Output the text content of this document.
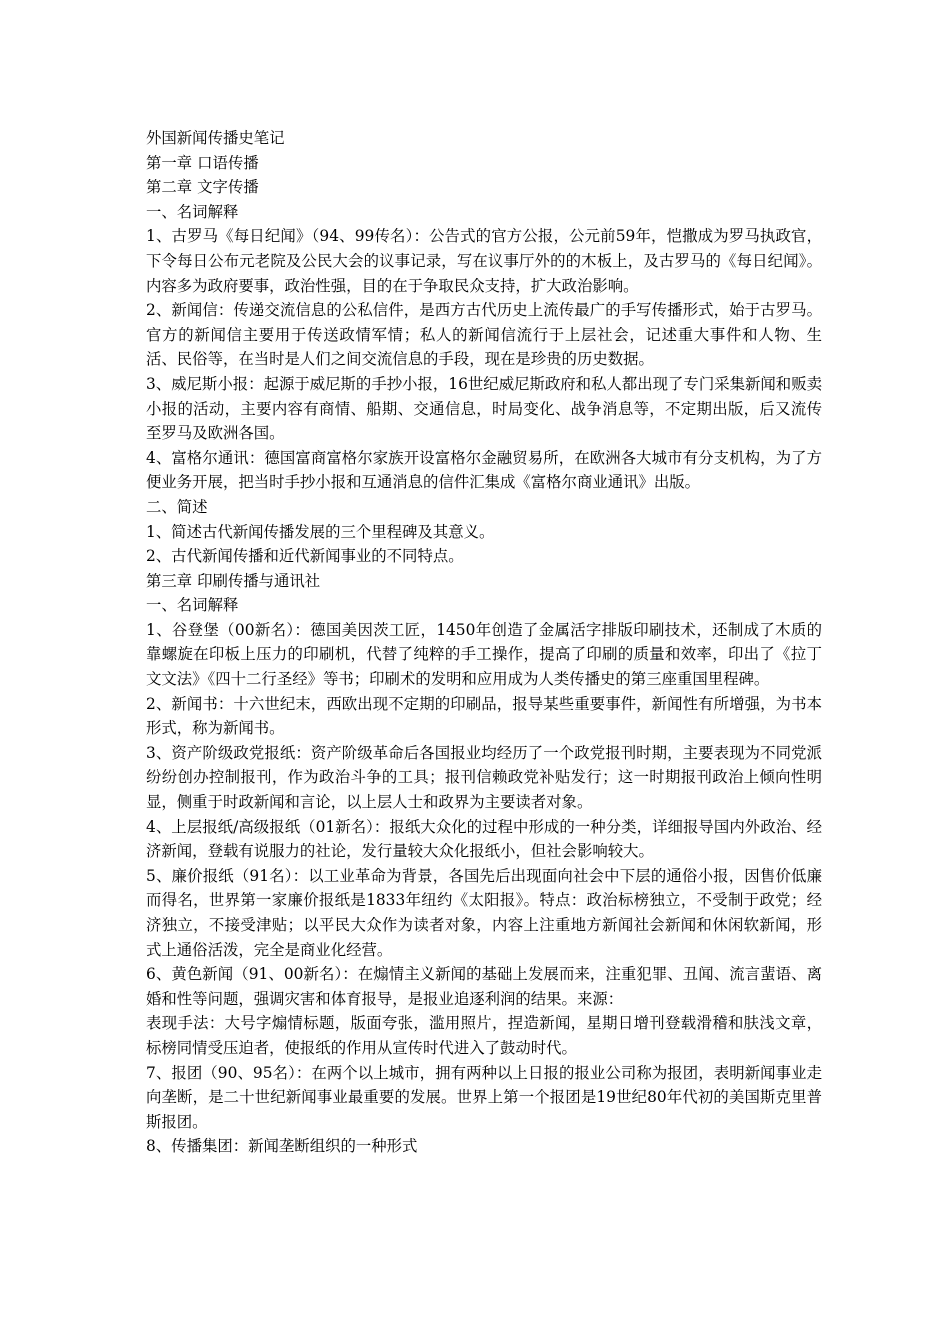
外国新闻传播史笔记

第一章 口语传播

第二章 文字传播

一、名词解释

1、古罗马《每日纪闻》（94、99传名）：公告式的官方公报，公元前59年，恺撒成为罗马执政官，下令每日公布元老院及公民大会的议事记录，写在议事厅外的的木板上，及古罗马的《每日纪闻》。内容多为政府要事，政治性强，目的在于争取民众支持，扩大政治影响。

2、新闻信：传递交流信息的公私信件，是西方古代历史上流传最广的手写传播形式，始于古罗马。官方的新闻信主要用于传送政情军情；私人的新闻信流行于上层社会，记述重大事件和人物、生活、民俗等，在当时是人们之间交流信息的手段，现在是珍贵的历史数据。

3、威尼斯小报：起源于威尼斯的手抄小报，16世纪威尼斯政府和私人都出现了专门采集新闻和贩卖小报的活动，主要内容有商情、船期、交通信息，时局变化、战争消息等，不定期出版，后又流传至罗马及欧洲各国。

4、富格尔通讯：德国富商富格尔家族开设富格尔金融贸易所，在欧洲各大城市有分支机构，为了方便业务开展，把当时手抄小报和互通消息的信件汇集成《富格尔商业通讯》出版。

二、简述

1、简述古代新闻传播发展的三个里程碑及其意义。

2、古代新闻传播和近代新闻事业的不同特点。

第三章 印刷传播与通讯社

一、名词解释

1、谷登堡（00新名）：德国美因茨工匠，1450年创造了金属活字排版印刷技术，还制成了木质的靠螺旋在印板上压力的印刷机，代替了纯粹的手工操作，提高了印刷的质量和效率，印出了《拉丁文文法》《四十二行圣经》等书；印刷术的发明和应用成为人类传播史的第三座重国里程碑。

2、新闻书：十六世纪末，西欧出现不定期的印刷品，报导某些重要事件，新闻性有所增强，为书本形式，称为新闻书。

3、资产阶级政党报纸：资产阶级革命后各国报业均经历了一个政党报刊时期，主要表现为不同党派纷纷创办控制报刊，作为政治斗争的工具；报刊信赖政党补贴发行；这一时期报刊政治上倾向性明显，侧重于时政新闻和言论，以上层人士和政界为主要读者对象。

4、上层报纸/高级报纸（01新名）：报纸大众化的过程中形成的一种分类，详细报导国内外政治、经济新闻，登载有说服力的社论，发行量较大众化报纸小，但社会影响较大。

5、廉价报纸（91名）：以工业革命为背景，各国先后出现面向社会中下层的通俗小报，因售价低廉而得名，世界第一家廉价报纸是1833年纽约《太阳报》。特点：政治标榜独立，不受制于政党；经济独立，不接受津贴；以平民大众作为读者对象，内容上注重地方新闻社会新闻和休闲软新闻，形式上通俗活泼，完全是商业化经营。

6、黄色新闻（91、00新名）：在煽情主义新闻的基础上发展而来，注重犯罪、丑闻、流言蜚语、离婚和性等问题，强调灾害和体育报导，是报业追逐利润的结果。来源：

表现手法：大号字煽情标题，版面夸张，滥用照片，捏造新闻，星期日增刊登载滑稽和肤浅文章，标榜同情受压迫者，使报纸的作用从宣传时代进入了鼓动时代。

7、报团（90、95名）：在两个以上城市，拥有两种以上日报的报业公司称为报团，表明新闻事业走向垄断，是二十世纪新闻事业最重要的发展。世界上第一个报团是19世纪80年代初的美国斯克里普斯报团。

8、传播集团：新闻垄断组织的一种形式
